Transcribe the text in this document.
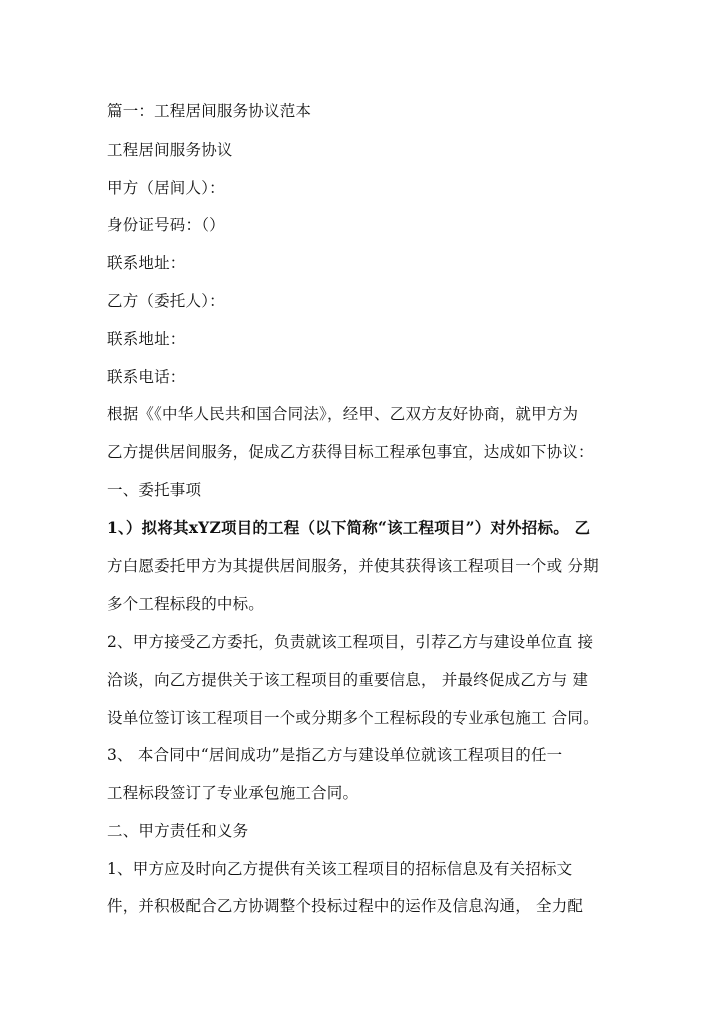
篇一：工程居间服务协议范本
工程居间服务协议
甲方（居间人）：
身份证号码：（）
联系地址：
乙方（委托人）：
联系地址：
联系电话：
根据《《中华人民共和国合同法》，经甲、乙双方友好协商，就甲方为
乙方提供居间服务，促成乙方获得目标工程承包事宜，达成如下协议：
一、委托事项
1、）拟将其xYZ项目的工程（以下简称“该工程项目”）对外招标。 乙
方白愿委托甲方为其提供居间服务，并使其获得该工程项目一个或 分期
多个工程标段的中标。
2、甲方接受乙方委托，负责就该工程项目，引荐乙方与建设单位直 接
洽谈，向乙方提供关于该工程项目的重要信息， 并最终促成乙方与 建
设单位签订该工程项目一个或分期多个工程标段的专业承包施工 合同。
3、 本合同中“居间成功”是指乙方与建设单位就该工程项目的任一
工程标段签订了专业承包施工合同。
二、甲方责任和义务
1、甲方应及时向乙方提供有关该工程项目的招标信息及有关招标文
件，并积极配合乙方协调整个投标过程中的运作及信息沟通， 全力配
